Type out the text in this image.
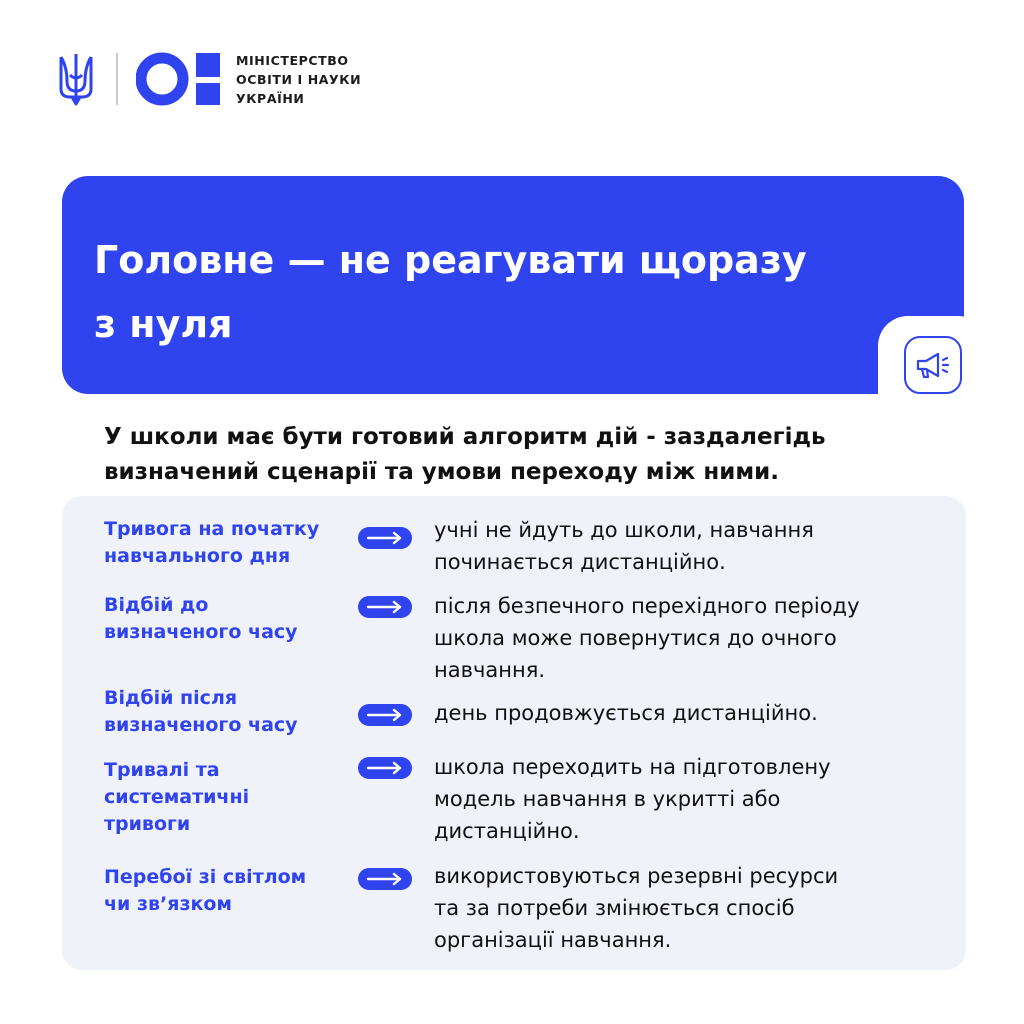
МІНІСТЕРСТВО
ОСВІТИ І НАУКИ
УКРАЇНИ
Головне — не реагувати щоразу
з нуля
У школи має бути готовий алгоритм дій - заздалегідь
визначений сценарії та умови переходу між ними.
Тривога на початку
навчального дня
учні не йдуть до школи, навчання
починається дистанційно.
Відбій до
визначеного часу
після безпечного перехідного періоду
школа може повернутися до очного
навчання.
Відбій після
визначеного часу	день продовжується дистанційно.
Тривалі та
систематичні
тривоги
школа переходить на підготовлену
модель навчання в укритті або
дистанційно.
Перебої зі світлом
чи зв’язком
використовуються резервні ресурси
та за потреби змінюється спосіб
організації навчання.
